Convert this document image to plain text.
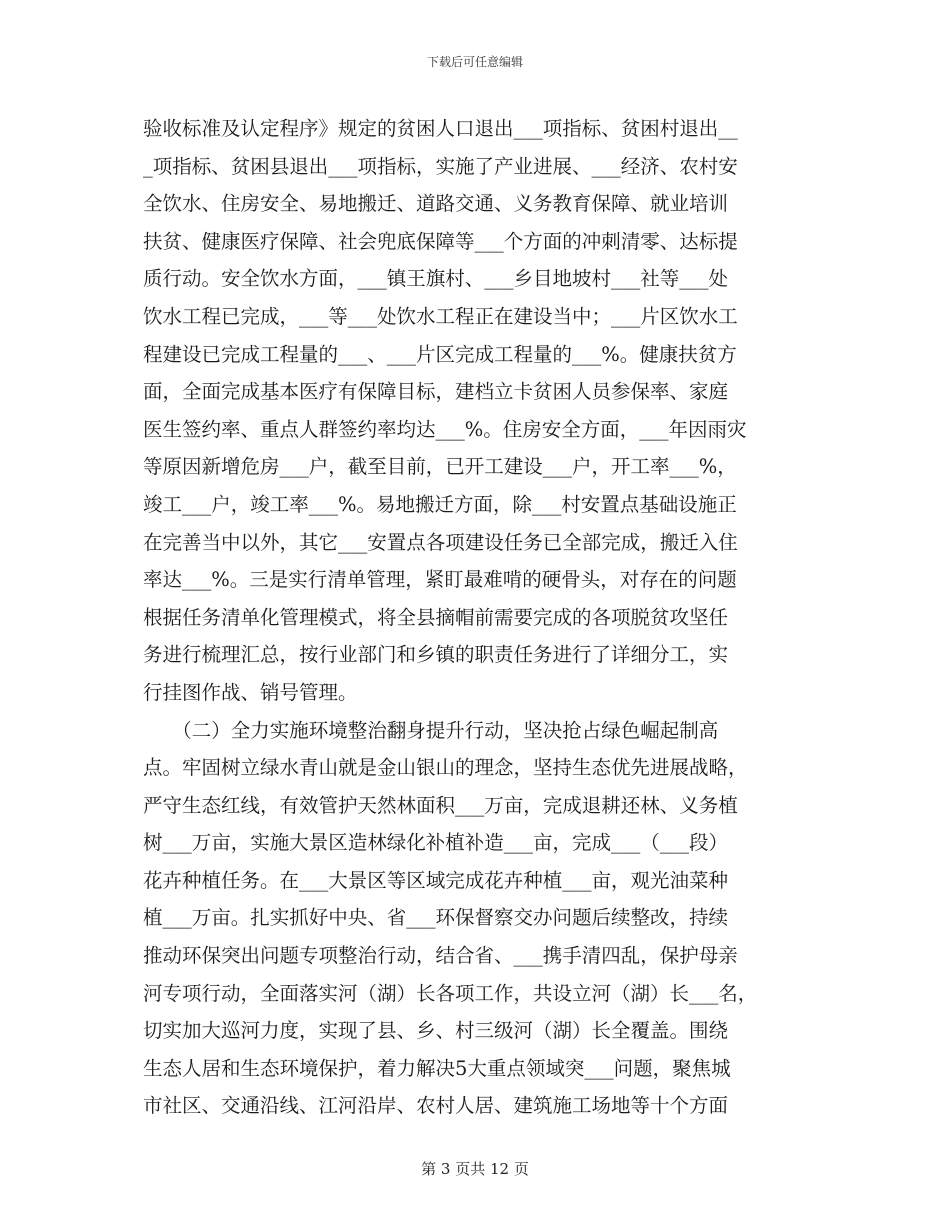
下载后可任意编辑
验收标准及认定程序》规定的贫困人口退出___项指标、贫困村退出__
_项指标、贫困县退出___项指标，实施了产业进展、___经济、农村安
全饮水、住房安全、易地搬迁、道路交通、义务教育保障、就业培训
扶贫、健康医疗保障、社会兜底保障等___个方面的冲刺清零、达标提
质行动。安全饮水方面，___镇王旗村、___乡目地坡村___社等___处
饮水工程已完成，___等___处饮水工程正在建设当中；___片区饮水工
程建设已完成工程量的___、___片区完成工程量的___%。健康扶贫方
面，全面完成基本医疗有保障目标，建档立卡贫困人员参保率、家庭
医生签约率、重点人群签约率均达___%。住房安全方面，___年因雨灾
等原因新增危房___户，截至目前，已开工建设___户，开工率___%，
竣工___户，竣工率___%。易地搬迁方面，除___村安置点基础设施正
在完善当中以外，其它___安置点各项建设任务已全部完成，搬迁入住
率达___%。三是实行清单管理，紧盯最难啃的硬骨头，对存在的问题
根据任务清单化管理模式，将全县摘帽前需要完成的各项脱贫攻坚任
务进行梳理汇总，按行业部门和乡镇的职责任务进行了详细分工，实
行挂图作战、销号管理。
　　（二）全力实施环境整治翻身提升行动，坚决抢占绿色崛起制高
点。牢固树立绿水青山就是金山银山的理念，坚持生态优先进展战略，
严守生态红线，有效管护天然林面积___万亩，完成退耕还林、义务植
树___万亩，实施大景区造林绿化补植补造___亩，完成___（___段）
花卉种植任务。在___大景区等区域完成花卉种植___亩，观光油菜种
植___万亩。扎实抓好中央、省___环保督察交办问题后续整改，持续
推动环保突出问题专项整治行动，结合省、___携手清四乱，保护母亲
河专项行动，全面落实河（湖）长各项工作，共设立河（湖）长___名，
切实加大巡河力度，实现了县、乡、村三级河（湖）长全覆盖。围绕
生态人居和生态环境保护，着力解决5大重点领域突___问题，聚焦城
市社区、交通沿线、江河沿岸、农村人居、建筑施工场地等十个方面
第 3 页共 12 页
